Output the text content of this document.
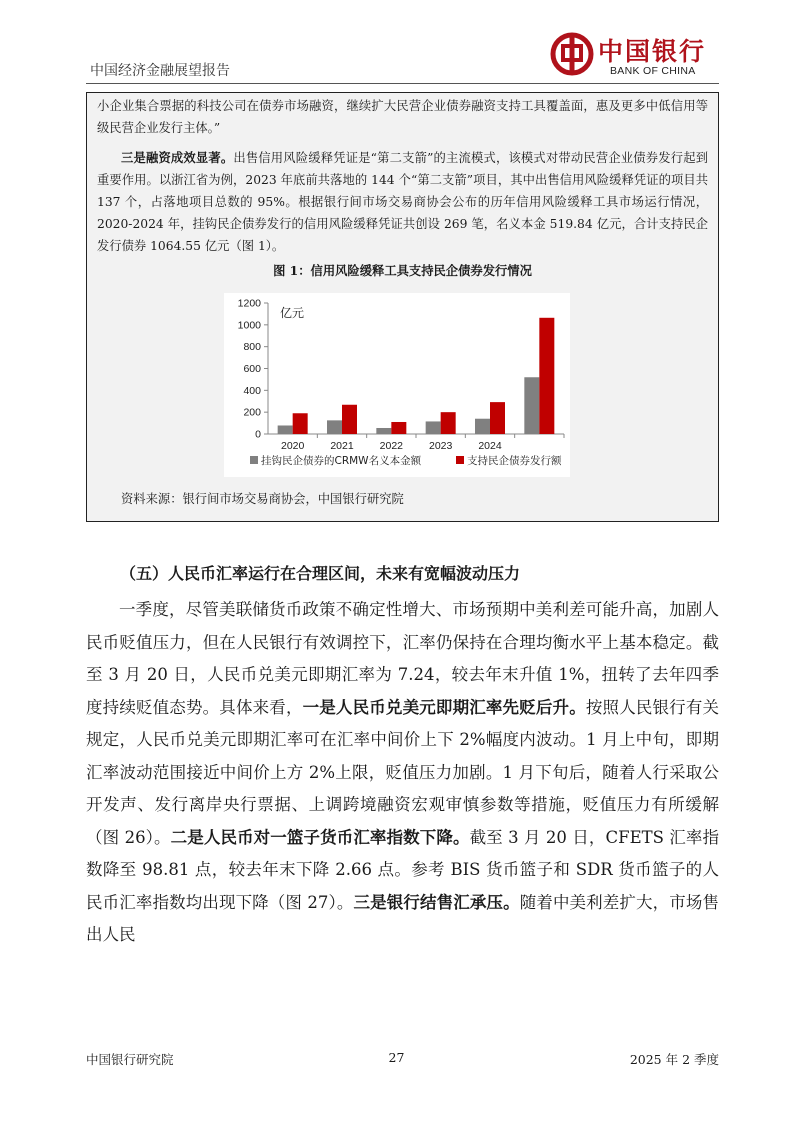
中国经济金融展望报告
中国银行
BANK OF CHINA

小企业集合票据的科技公司在债券市场融资，继续扩大民营企业债券融资支持工具覆盖面，惠及更多中低信用等级民营企业发行主体。”

三是融资成效显著。出售信用风险缓释凭证是“第二支箭”的主流模式，该模式对带动民营企业债券发行起到重要作用。以浙江省为例，2023 年底前共落地的 144 个“第二支箭”项目，其中出售信用风险缓释凭证的项目共 137 个，占落地项目总数的 95%。根据银行间市场交易商协会公布的历年信用风险缓释工具市场运行情况，2020-2024 年，挂钩民企债券发行的信用风险缓释凭证共创设 269 笔，名义本金 519.84 亿元，合计支持民企发行债券 1064.55 亿元（图 1）。

图 1：信用风险缓释工具支持民企债券发行情况
0
200
400
600
800
1000
1200
亿元
2020 2021 2022 2023 2024
挂钩民企债券的CRMW名义本金额	支持民企债券发行额
资料来源：银行间市场交易商协会，中国银行研究院
（五）人民币汇率运行在合理区间，未来有宽幅波动压力

一季度，尽管美联储货币政策不确定性增大、市场预期中美利差可能升高，加剧人民币贬值压力，但在人民银行有效调控下，汇率仍保持在合理均衡水平上基本稳定。截至 3 月 20 日，人民币兑美元即期汇率为 7.24，较去年末升值 1%，扭转了去年四季度持续贬值态势。具体来看，一是人民币兑美元即期汇率先贬后升。按照人民银行有关规定，人民币兑美元即期汇率可在汇率中间价上下 2%幅度内波动。1 月上中旬，即期汇率波动范围接近中间价上方 2%上限，贬值压力加剧。1 月下旬后，随着人行采取公开发声、发行离岸央行票据、上调跨境融资宏观审慎参数等措施，贬值压力有所缓解（图 26）。二是人民币对一篮子货币汇率指数下降。截至 3 月 20 日，CFETS 汇率指数降至 98.81 点，较去年末下降 2.66 点。参考 BIS 货币篮子和 SDR 货币篮子的人民币汇率指数均出现下降（图 27）。三是银行结售汇承压。随着中美利差扩大，市场售出人民

中国银行研究院	27	2025 年 2 季度
